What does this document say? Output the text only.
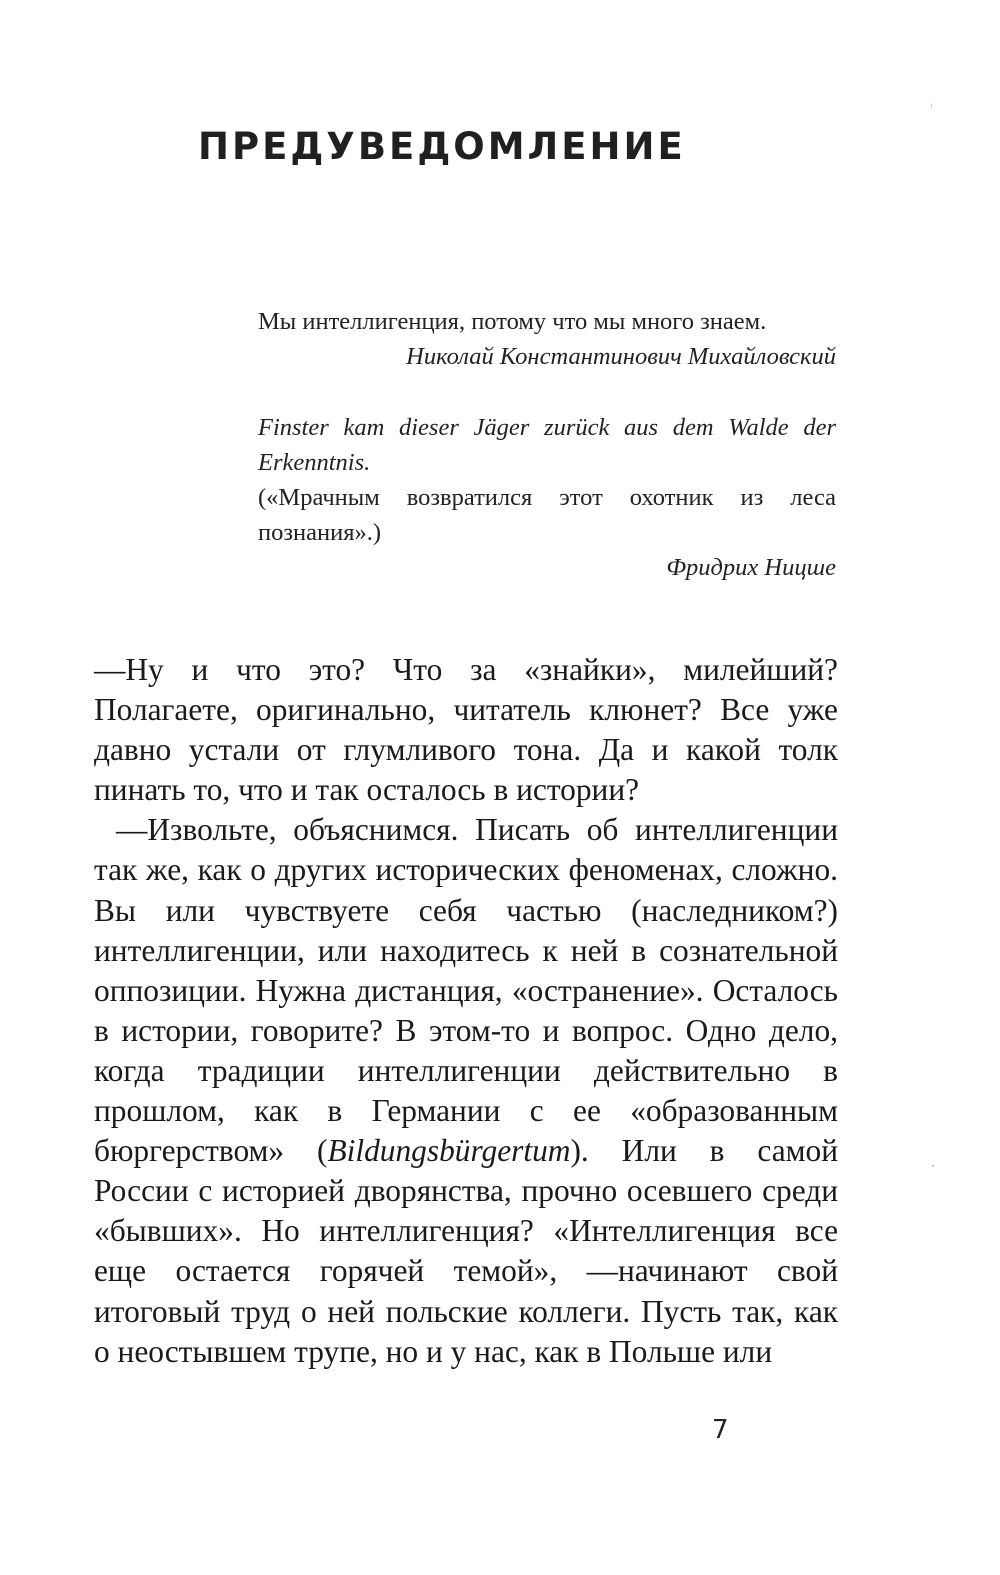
ПРЕДУВЕДОМЛЕНИЕ

Мы интеллигенция, потому что мы много знаем.

Николай Константинович Михайловский

Finster kam dieser Jäger zurück aus dem Walde der Erkenntnis.

(«Мрачным возвратился этот охотник из леса познания».)

Фридрих Ницше

—Ну и что это? Что за «знайки», милейший? Полагаете, оригинально, читатель клюнет? Все уже давно устали от глумливого тона. Да и какой толк пинать то, что и так осталось в истории?

—Извольте, объяснимся. Писать об интеллигенции так же, как о других исторических феноменах, сложно. Вы или чувствуете себя частью (наследником?) интеллигенции, или находитесь к ней в сознательной оппозиции. Нужна дистанция, «остранение». Осталось в истории, говорите? В этом-то и вопрос. Одно дело, когда традиции интеллигенции действительно в прошлом, как в Германии с ее «образованным бюргерством» (Bildungsbürgertum). Или в самой России с историей дворянства, прочно осевшего среди «бывших». Но интеллигенция? «Интеллигенция все еще остается горячей темой», —начинают свой итоговый труд о ней польские коллеги. Пусть так, как о неостывшем трупе, но и у нас, как в Польше или

7
